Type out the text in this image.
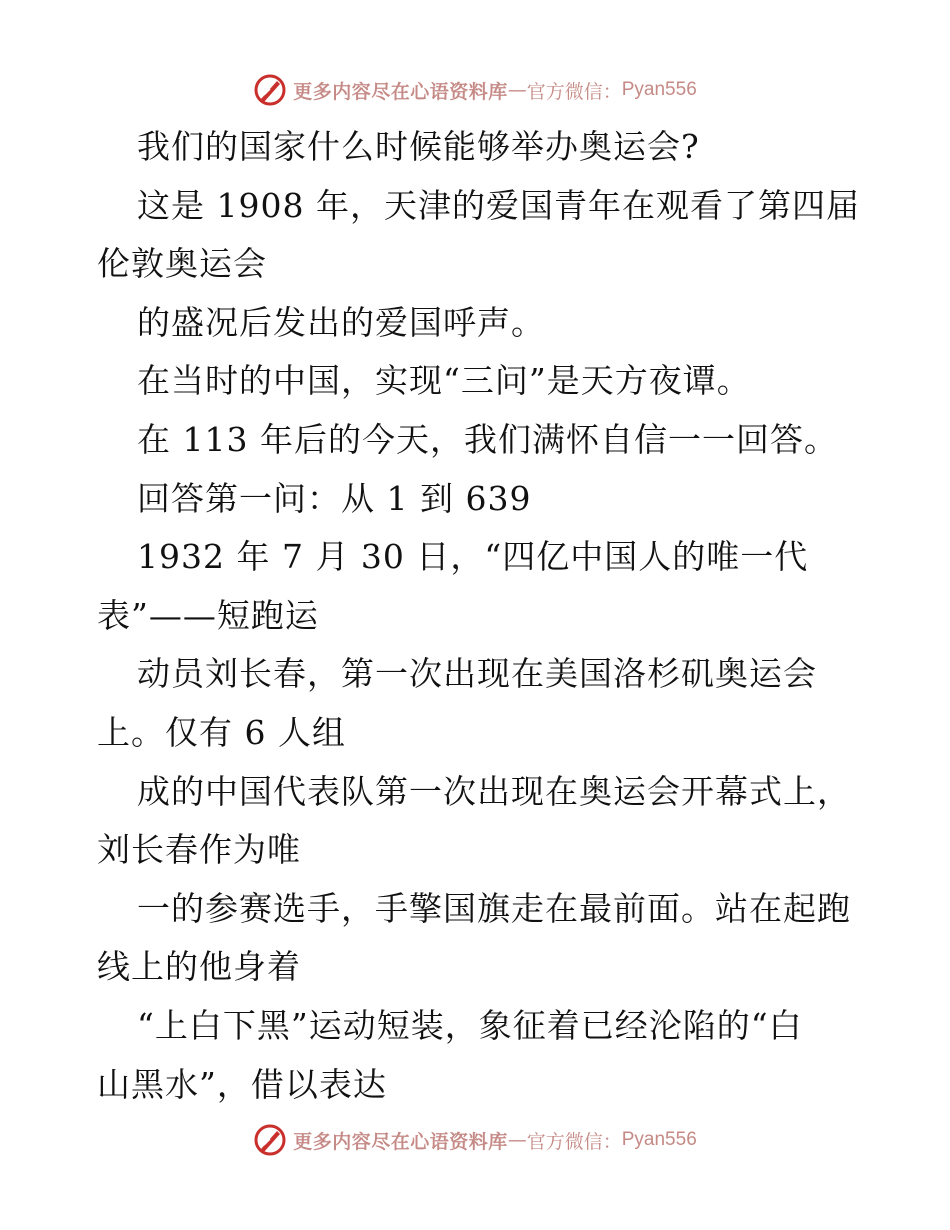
更多内容尽在心语资料库 — 官方微信： Pyan556
我们的国家什么时候能够举办奥运会?
这是 1908 年，天津的爱国青年在观看了第四届
伦敦奥运会
的盛况后发出的爱国呼声。
在当时的中国，实现“三问”是天方夜谭。
在 113 年后的今天，我们满怀自信一一回答。
回答第一问：从 1 到 639
1932 年 7 月 30 日，“四亿中国人的唯一代
表”——短跑运
动员刘长春，第一次出现在美国洛杉矶奥运会
上。仅有 6 人组
成的中国代表队第一次出现在奥运会开幕式上，
刘长春作为唯
一的参赛选手，手擎国旗走在最前面。站在起跑
线上的他身着
“上白下黑”运动短装，象征着已经沦陷的“白
山黑水”，借以表达
更多内容尽在心语资料库 — 官方微信： Pyan556
